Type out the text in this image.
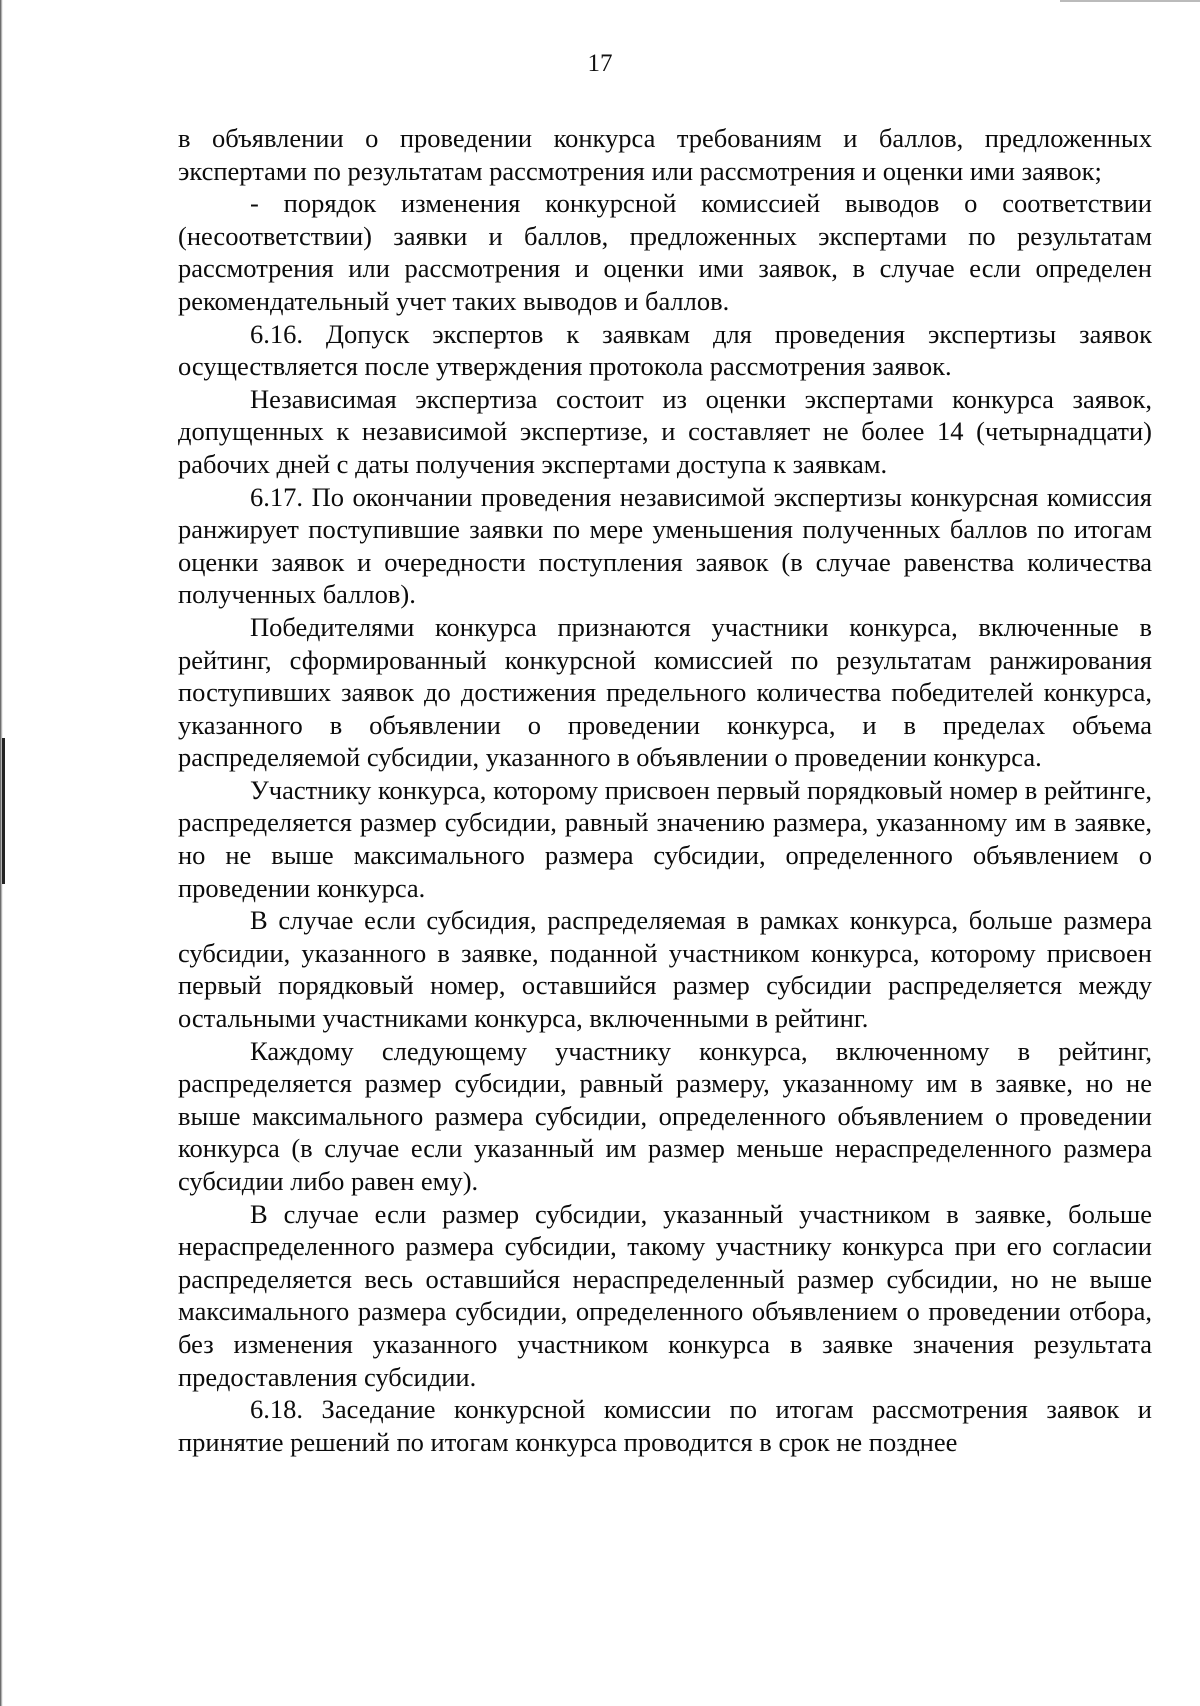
17

в объявлении о проведении конкурса требованиям и баллов, предложенных экспертами по результатам рассмотрения или рассмотрения и оценки ими заявок;

- порядок изменения конкурсной комиссией выводов о соответствии (несоответствии) заявки и баллов, предложенных экспертами по результатам рассмотрения или рассмотрения и оценки ими заявок, в случае если определен рекомендательный учет таких выводов и баллов.

6.16. Допуск экспертов к заявкам для проведения экспертизы заявок осуществляется после утверждения протокола рассмотрения заявок.

Независимая экспертиза состоит из оценки экспертами конкурса заявок, допущенных к независимой экспертизе, и составляет не более 14 (четырнадцати) рабочих дней с даты получения экспертами доступа к заявкам.

6.17. По окончании проведения независимой экспертизы конкурсная комиссия ранжирует поступившие заявки по мере уменьшения полученных баллов по итогам оценки заявок и очередности поступления заявок (в случае равенства количества полученных баллов).

Победителями конкурса признаются участники конкурса, включенные в рейтинг, сформированный конкурсной комиссией по результатам ранжирования поступивших заявок до достижения предельного количества победителей конкурса, указанного в объявлении о проведении конкурса, и в пределах объема распределяемой субсидии, указанного в объявлении о проведении конкурса.

Участнику конкурса, которому присвоен первый порядковый номер в рейтинге, распределяется размер субсидии, равный значению размера, указанному им в заявке, но не выше максимального размера субсидии, определенного объявлением о проведении конкурса.

В случае если субсидия, распределяемая в рамках конкурса, больше размера субсидии, указанного в заявке, поданной участником конкурса, которому присвоен первый порядковый номер, оставшийся размер субсидии распределяется между остальными участниками конкурса, включенными в рейтинг.

Каждому следующему участнику конкурса, включенному в рейтинг, распределяется размер субсидии, равный размеру, указанному им в заявке, но не выше максимального размера субсидии, определенного объявлением о проведении конкурса (в случае если указанный им размер меньше нераспределенного размера субсидии либо равен ему).

В случае если размер субсидии, указанный участником в заявке, больше нераспределенного размера субсидии, такому участнику конкурса при его согласии распределяется весь оставшийся нераспределенный размер субсидии, но не выше максимального размера субсидии, определенного объявлением о проведении отбора, без изменения указанного участником конкурса в заявке значения результата предоставления субсидии.

6.18. Заседание конкурсной комиссии по итогам рассмотрения заявок и принятие решений по итогам конкурса проводится в срок не позднее
